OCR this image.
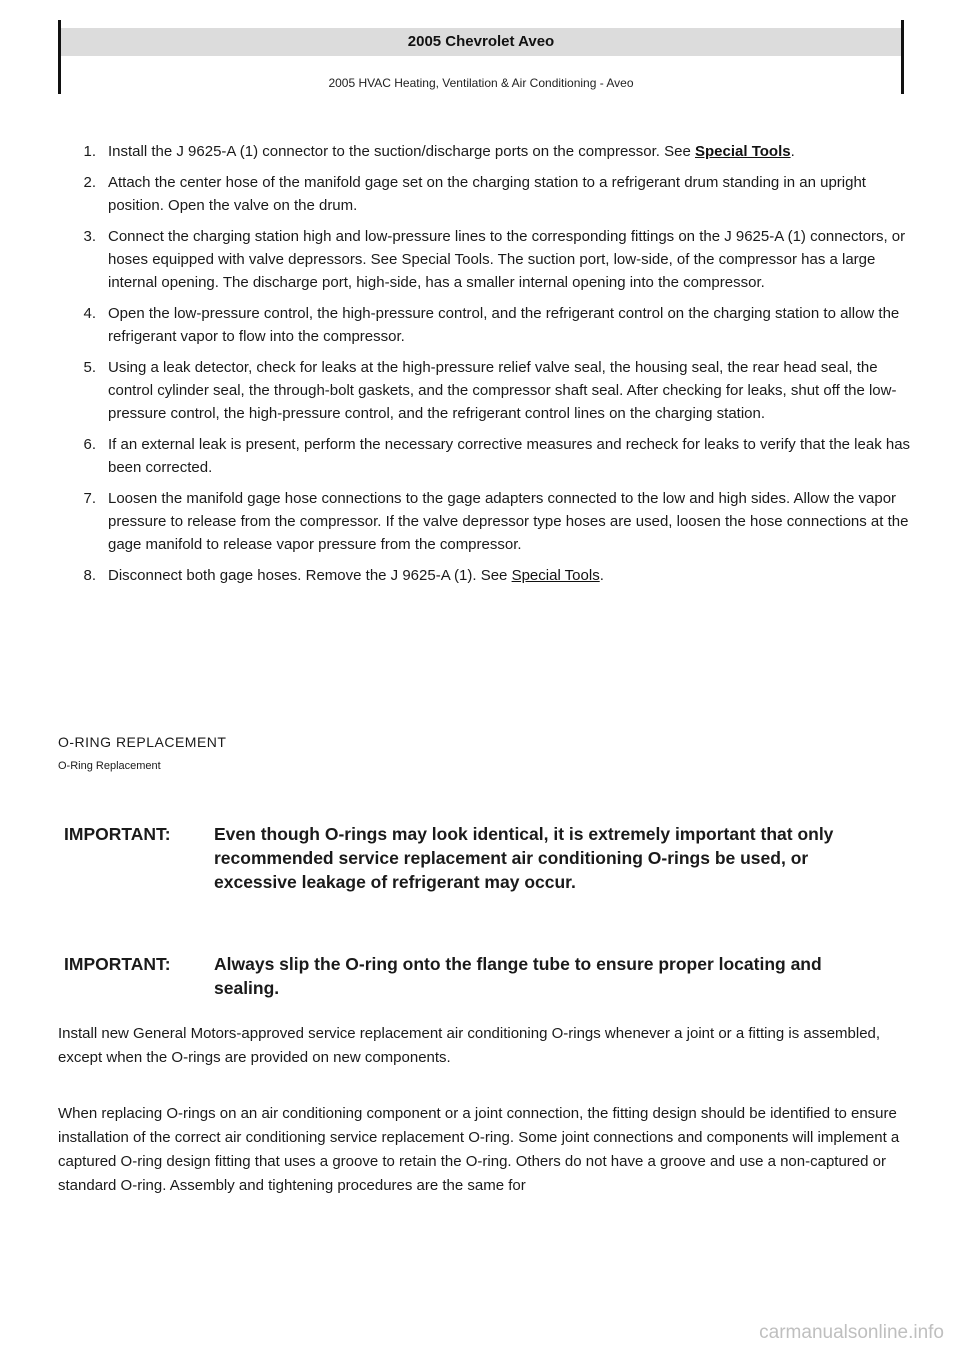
2005 Chevrolet Aveo
2005 HVAC Heating, Ventilation & Air Conditioning - Aveo
1. Install the J 9625-A (1) connector to the suction/discharge ports on the compressor. See Special Tools.
2. Attach the center hose of the manifold gage set on the charging station to a refrigerant drum standing in an upright position. Open the valve on the drum.
3. Connect the charging station high and low-pressure lines to the corresponding fittings on the J 9625-A (1) connectors, or hoses equipped with valve depressors. See Special Tools. The suction port, low-side, of the compressor has a large internal opening. The discharge port, high-side, has a smaller internal opening into the compressor.
4. Open the low-pressure control, the high-pressure control, and the refrigerant control on the charging station to allow the refrigerant vapor to flow into the compressor.
5. Using a leak detector, check for leaks at the high-pressure relief valve seal, the housing seal, the rear head seal, the control cylinder seal, the through-bolt gaskets, and the compressor shaft seal. After checking for leaks, shut off the low-pressure control, the high-pressure control, and the refrigerant control lines on the charging station.
6. If an external leak is present, perform the necessary corrective measures and recheck for leaks to verify that the leak has been corrected.
7. Loosen the manifold gage hose connections to the gage adapters connected to the low and high sides. Allow the vapor pressure to release from the compressor. If the valve depressor type hoses are used, loosen the hose connections at the gage manifold to release vapor pressure from the compressor.
8. Disconnect both gage hoses. Remove the J 9625-A (1). See Special Tools.
O-RING REPLACEMENT
O-Ring Replacement
IMPORTANT:	Even though O-rings may look identical, it is extremely important that only recommended service replacement air conditioning O-rings be used, or excessive leakage of refrigerant may occur.
IMPORTANT:	Always slip the O-ring onto the flange tube to ensure proper locating and sealing.

Install new General Motors-approved service replacement air conditioning O-rings whenever a joint or a fitting is assembled, except when the O-rings are provided on new components.

When replacing O-rings on an air conditioning component or a joint connection, the fitting design should be identified to ensure installation of the correct air conditioning service replacement O-ring. Some joint connections and components will implement a captured O-ring design fitting that uses a groove to retain the O-ring. Others do not have a groove and use a non-captured or standard O-ring. Assembly and tightening procedures are the same for

carmanualsonline.info
